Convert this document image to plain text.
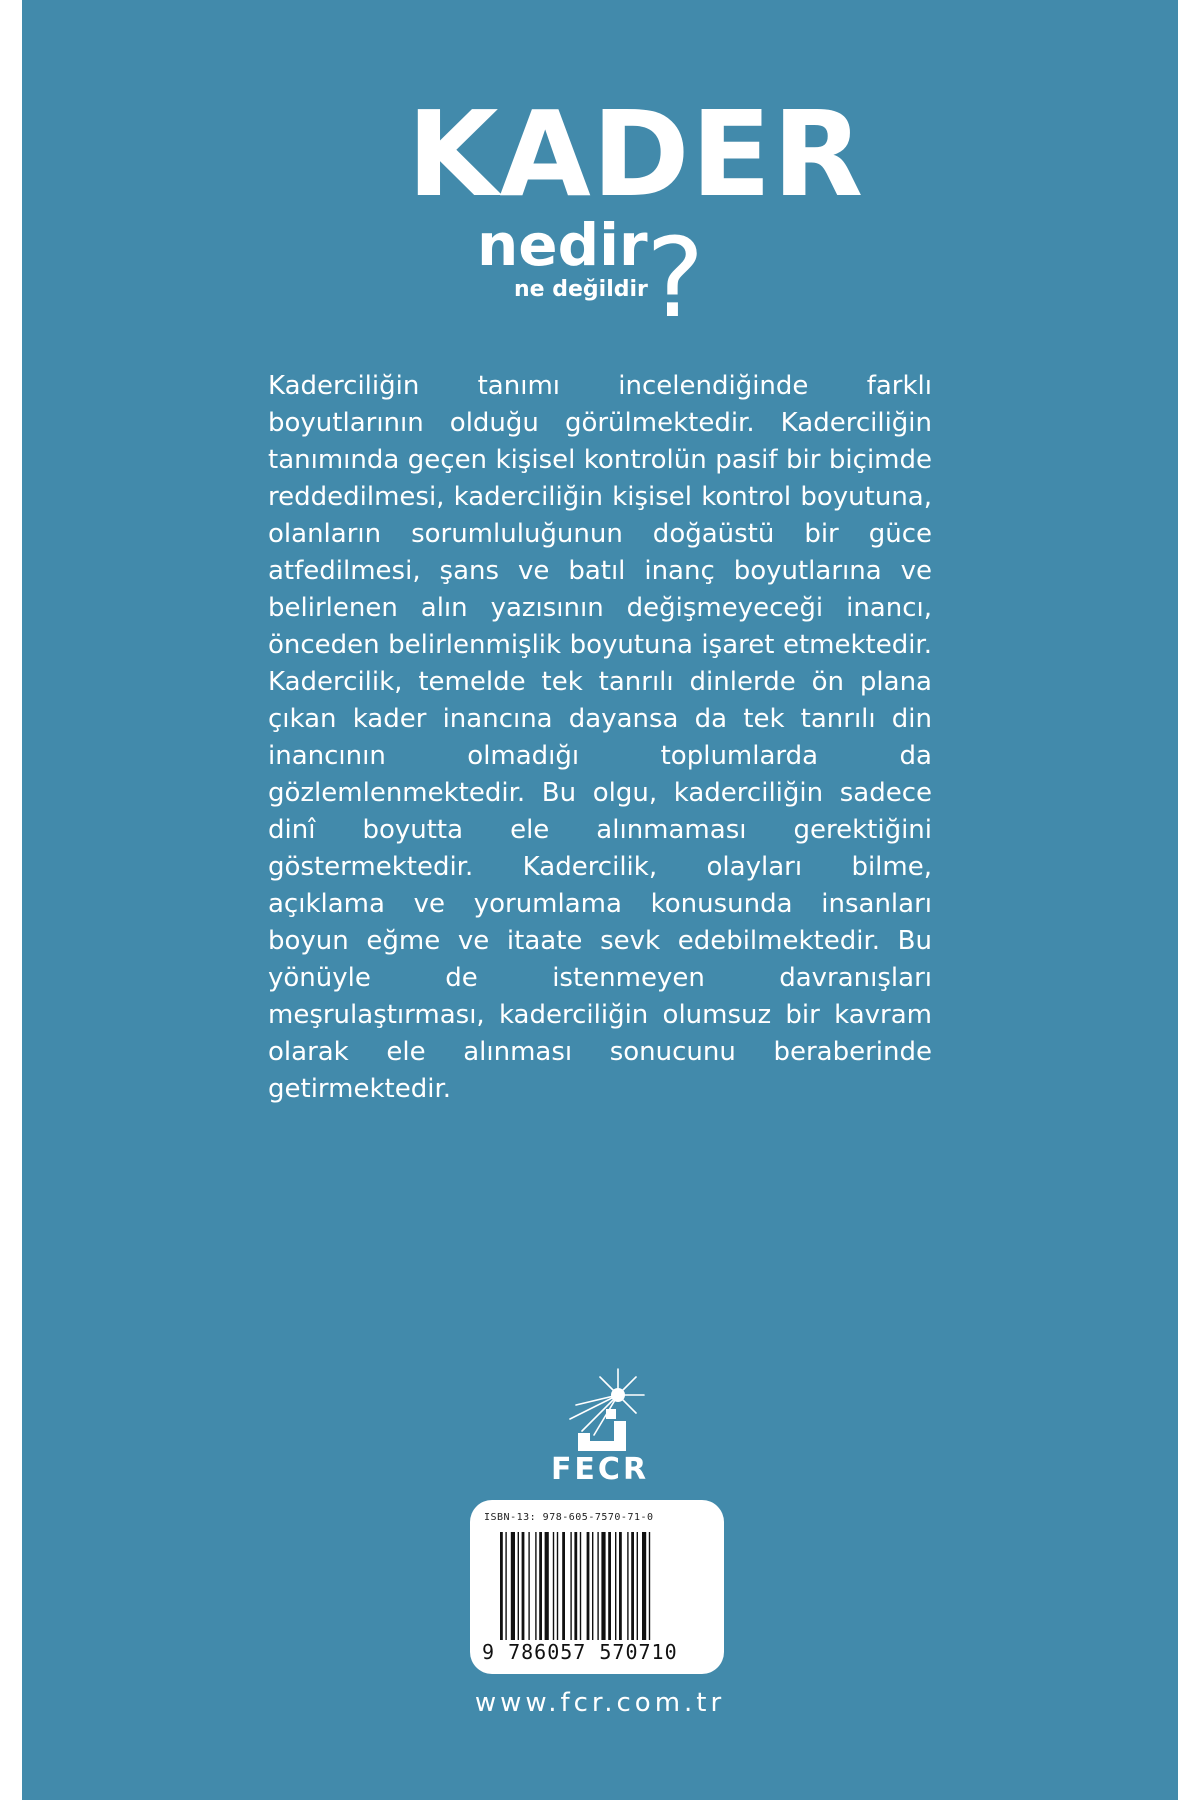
KADER
nedir
ne değildir
?

Kaderciliğin tanımı incelendiğinde farklı boyutlarının olduğu görülmektedir. Kaderciliğin tanımında geçen kişisel kontrolün pasif bir biçimde reddedilmesi, kaderciliğin kişisel kontrol boyutuna, olanların sorumluluğunun doğaüstü bir güce atfedilmesi, şans ve batıl inanç boyutlarına ve belirlenen alın yazısının değişmeyeceği inancı, önceden belirlenmişlik boyutuna işaret etmektedir. Kadercilik, temelde tek tanrılı dinlerde ön plana çıkan kader inancına dayansa da tek tanrılı din inancının olmadığı toplumlarda da gözlemlenmektedir. Bu olgu, kaderciliğin sadece dinî boyutta ele alınmaması gerektiğini göstermektedir. Kadercilik, olayları bilme, açıklama ve yorumlama konusunda insanları boyun eğme ve itaate sevk edebilmektedir. Bu yönüyle de istenmeyen davranışları meşrulaştırması, kaderciliğin olumsuz bir kavram olarak ele alınması sonucunu beraberinde getirmektedir.

FECR
ISBN-13: 978-605-7570-71-0
9 786057 570710
www.fcr.com.tr
